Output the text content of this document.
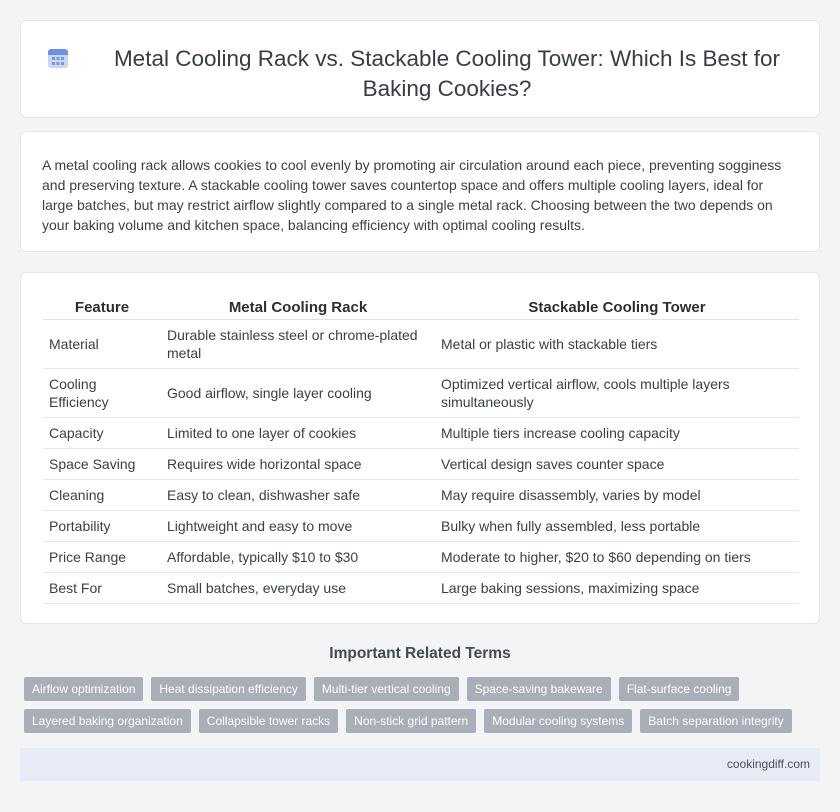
Metal Cooling Rack vs. Stackable Cooling Tower: Which Is Best for Baking Cookies?

A metal cooling rack allows cookies to cool evenly by promoting air circulation around each piece, preventing sogginess and preserving texture. A stackable cooling tower saves countertop space and offers multiple cooling layers, ideal for large batches, but may restrict airflow slightly compared to a single metal rack. Choosing between the two depends on your baking volume and kitchen space, balancing efficiency with optimal cooling results.

Feature	Metal Cooling Rack	Stackable Cooling Tower
Material	Durable stainless steel or chrome-plated metal	Metal or plastic with stackable tiers
Cooling Efficiency	Good airflow, single layer cooling	Optimized vertical airflow, cools multiple layers simultaneously
Capacity	Limited to one layer of cookies	Multiple tiers increase cooling capacity
Space Saving	Requires wide horizontal space	Vertical design saves counter space
Cleaning	Easy to clean, dishwasher safe	May require disassembly, varies by model
Portability	Lightweight and easy to move	Bulky when fully assembled, less portable
Price Range	Affordable, typically $10 to $30	Moderate to higher, $20 to $60 depending on tiers
Best For	Small batches, everyday use	Large baking sessions, maximizing space
Important Related Terms
Airflow optimization	Heat dissipation efficiency	Multi-tier vertical cooling	Space-saving bakeware	Flat-surface cooling
Layered baking organization	Collapsible tower racks	Non-stick grid pattern	Modular cooling systems	Batch separation integrity
cookingdiff.com
